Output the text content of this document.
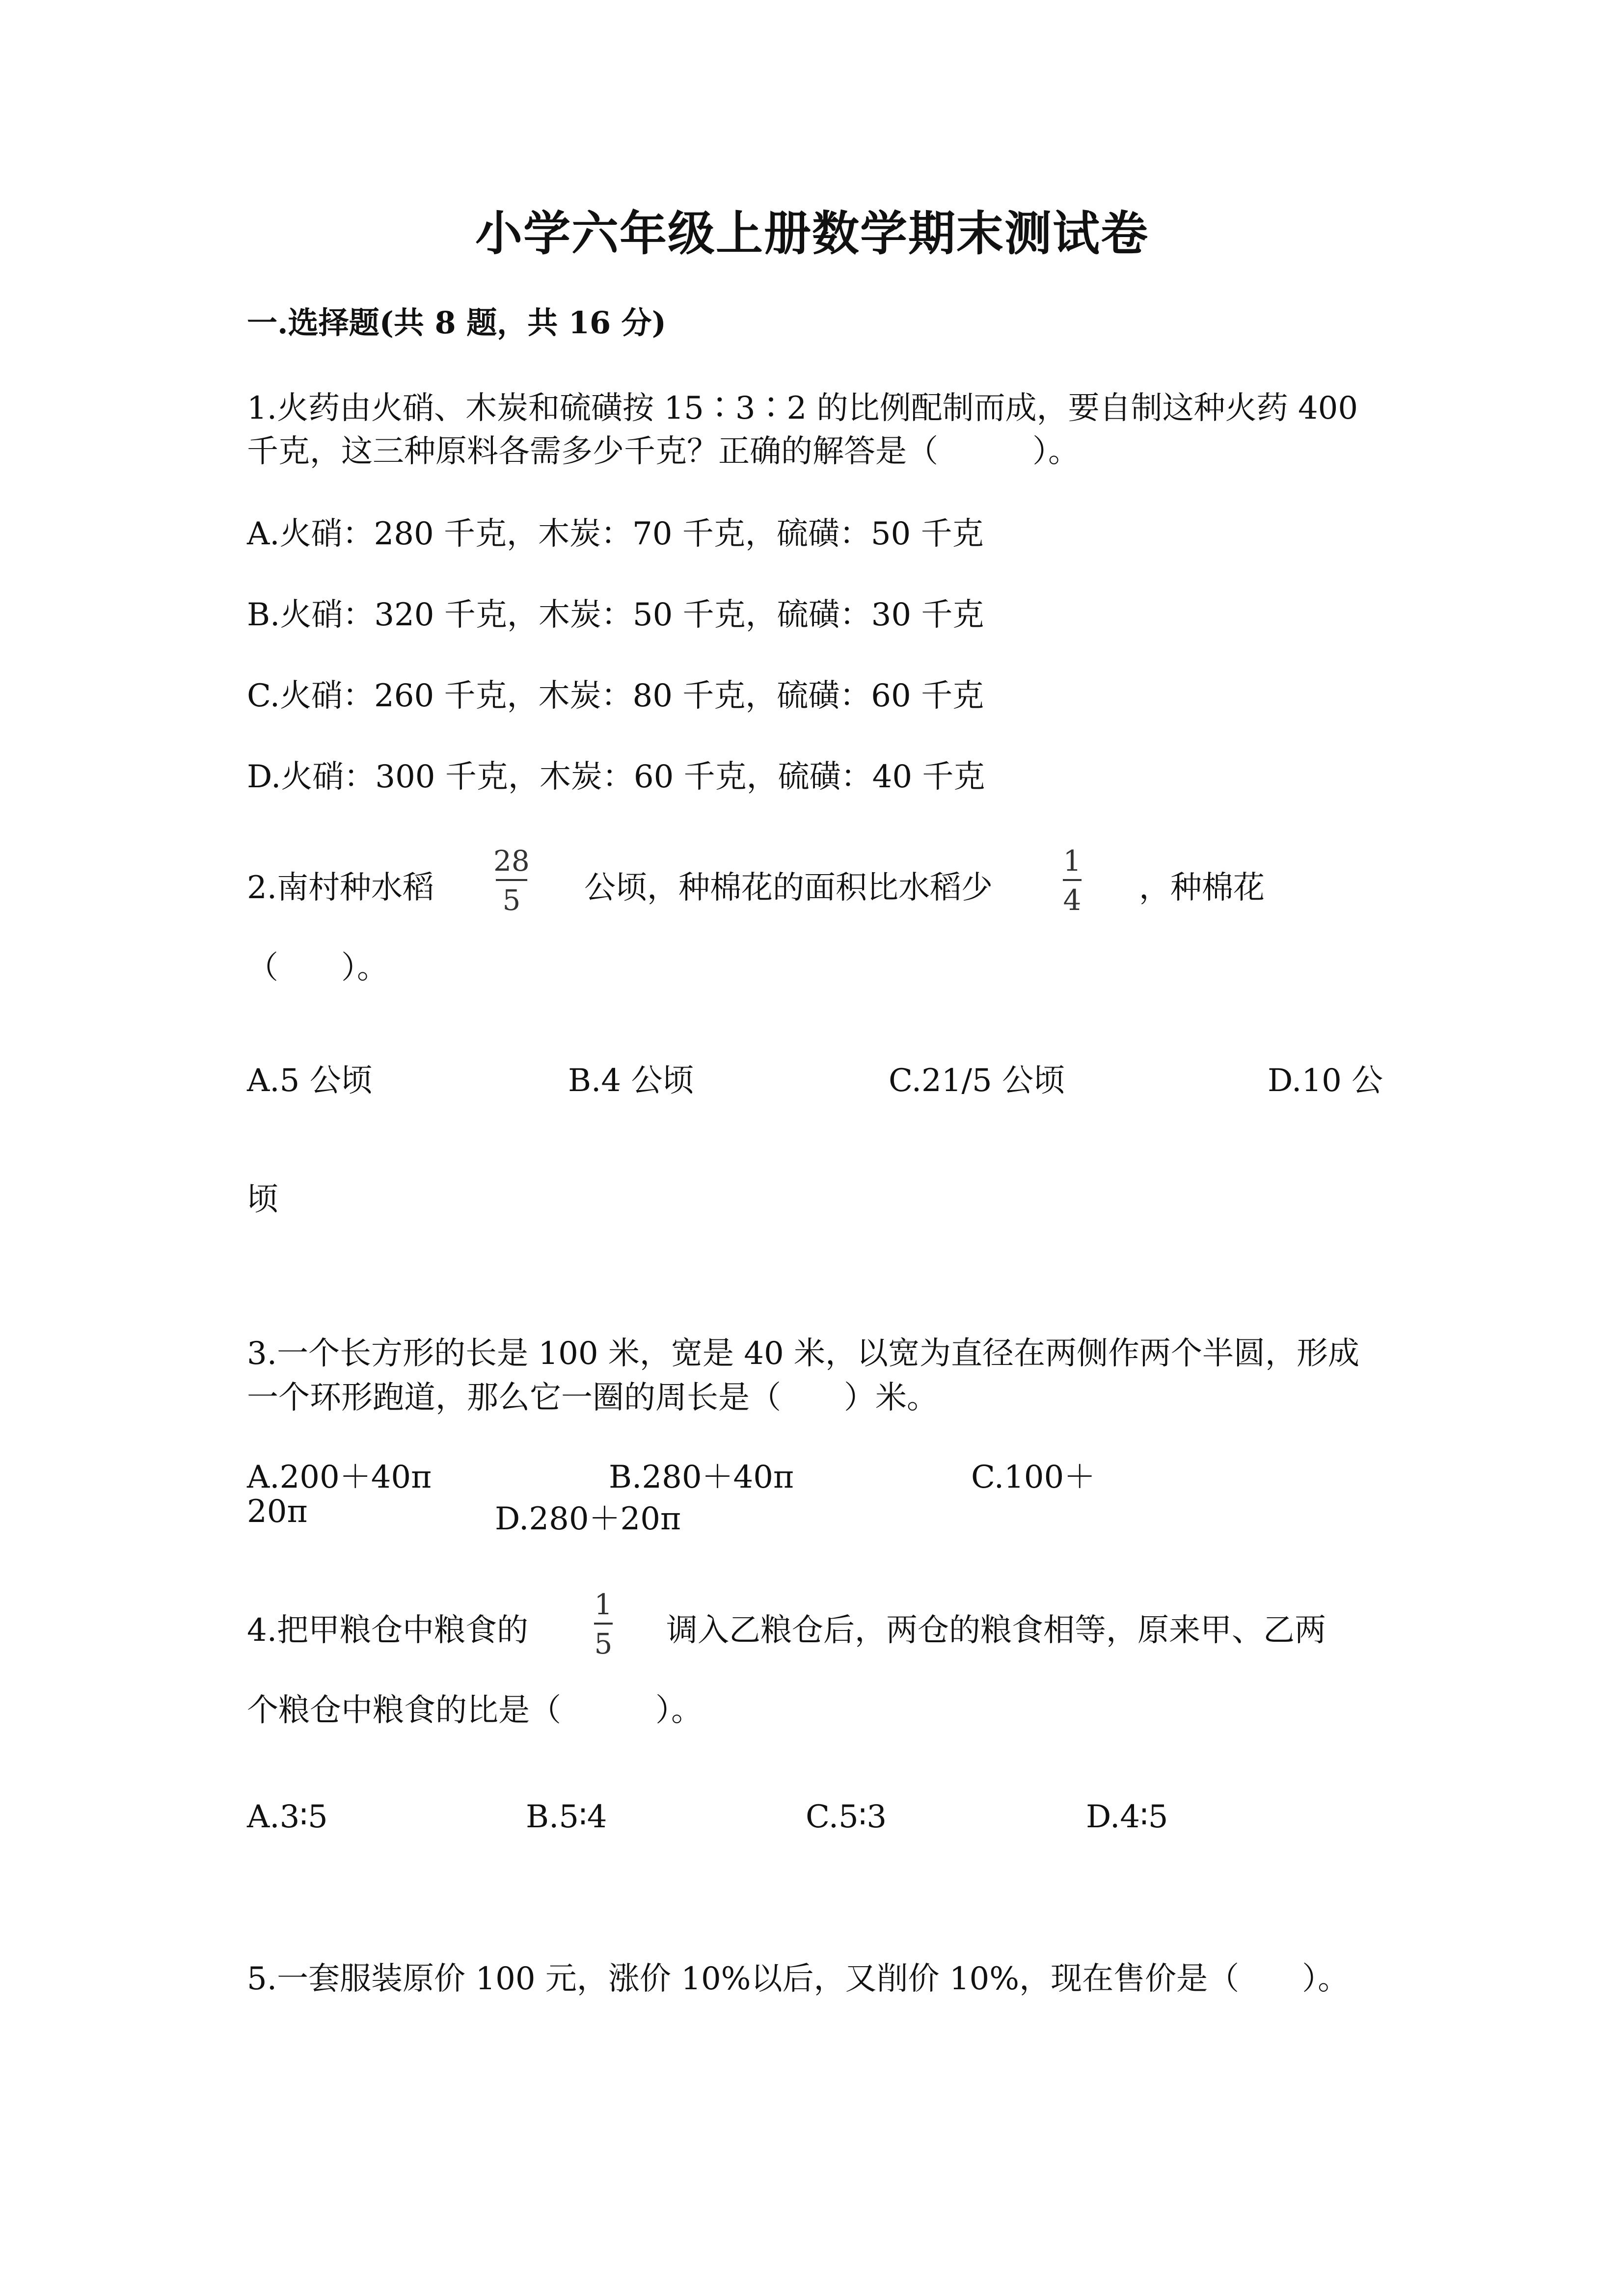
小学六年级上册数学期末测试卷
一.选择题(共 8 题，共 16 分)
1.火药由火硝、木炭和硫磺按 15∶3∶2 的比例配制而成，要自制这种火药 400
千克，这三种原料各需多少千克？正确的解答是（　　　）。
A.火硝：280 千克，木炭：70 千克，硫磺：50 千克
B.火硝：320 千克，木炭：50 千克，硫磺：30 千克
C.火硝：260 千克，木炭：80 千克，硫磺：60 千克
D.火硝：300 千克，木炭：60 千克，硫磺：40 千克
2.南村种水稻
28
5 公顷，种棉花的面积比水稻少
1
4 ，种棉花
（　　）。
A.5 公顷	B.4 公顷	C.21/5 公顷	D.10 公
顷
3.一个长方形的长是 100 米，宽是 40 米，以宽为直径在两侧作两个半圆，形成
一个环形跑道，那么它一圈的周长是（　　）米。
A.200＋40π	B.280＋40π	C.100＋
20π	D.280＋20π
4.把甲粮仓中粮食的
1
5 调入乙粮仓后，两仓的粮食相等，原来甲、乙两
个粮仓中粮食的比是（　　　）。
A.3∶5	B.5∶4	C.5∶3	D.4∶5
5.一套服装原价 100 元，涨价 10%以后，又削价 10%，现在售价是（　　）。
